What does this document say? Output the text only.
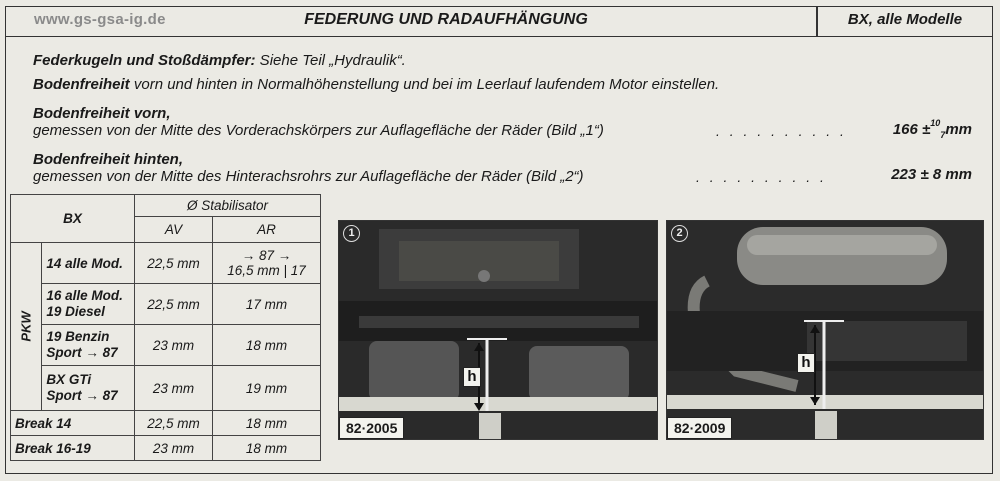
www.gs-gsa-ig.de	FEDERUNG UND RADAUFHÄNGUNG	BX, alle Modelle
Federkugeln und Stoßdämpfer: Siehe Teil „Hydraulik“.
Bodenfreiheit vorn und hinten in Normalhöhenstellung und bei im Leerlauf laufendem Motor einstellen.
Bodenfreiheit vorn,
gemessen von der Mitte des Vorderachskörpers zur Auflagefläche der Räder (Bild „1“)	. . . . . . . . . .	166 ±$^{10}_7$mm
Bodenfreiheit hinten,
gemessen von der Mitte des Hinterachsrohrs zur Auflagefläche der Räder (Bild „2“)	. . . . . . . . . .	223 ± 8 mm
BX		Ø Stabilisator	
		AV	AR
PKW	14 alle Mod.	22,5 mm	→ 87 →
16,5 mm | 17

	16 alle Mod.
19 Diesel	22,5 mm	17 mm

	19 Benzin
Sport → 87	23 mm	18 mm

	BX GTi
Sport → 87	23 mm	19 mm
Break 14		22,5 mm	18 mm
Break 16-19		23 mm	18 mm
1
h
82·2005
2
h
82·2009
